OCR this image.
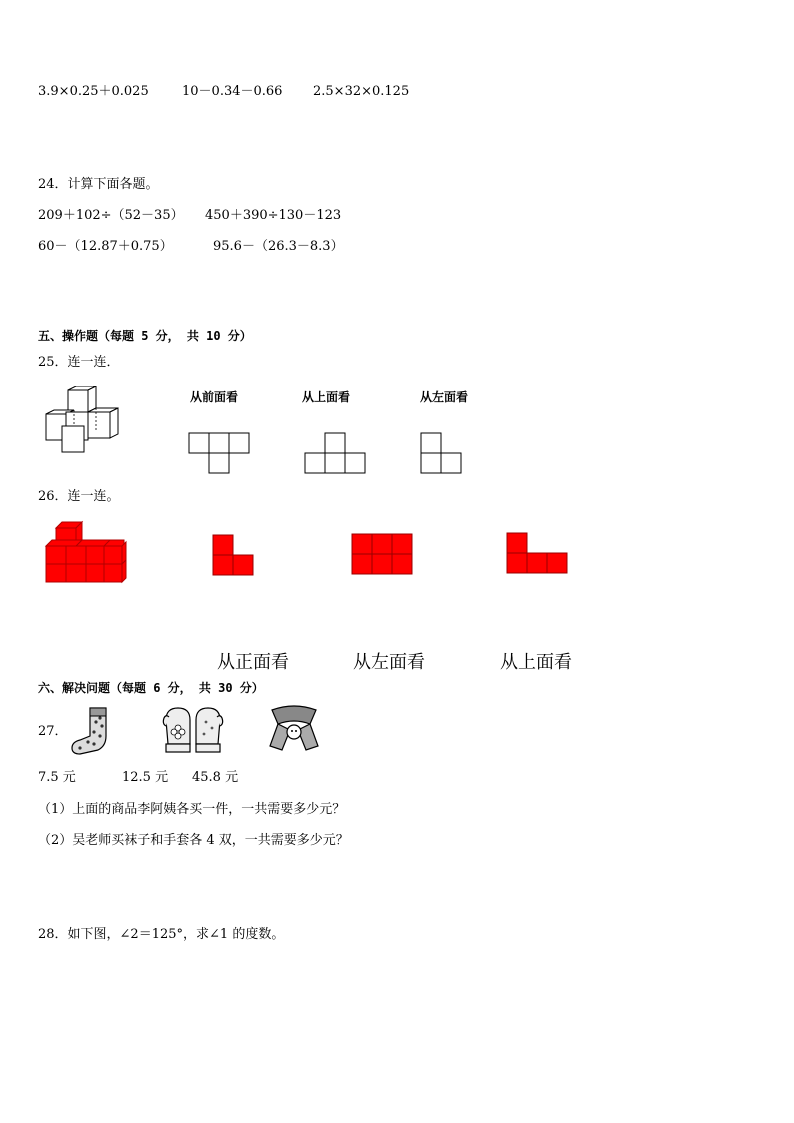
3.9×0.25＋0.025	10－0.34－0.66 2.5×32×0.125
24．计算下面各题。
209＋102÷（52－35） 450＋390÷130－123
60－（12.87＋0.75）	95.6－（26.3－8.3）
五、操作题（每题 5 分， 共 10 分）
25．连一连．
从前面看	从上面看	从左面看
26．连一连。
从正面看	从左面看	从上面看
六、解决问题（每题 6 分， 共 30 分）
27．
7.5 元	12.5 元 45.8 元
（1）上面的商品李阿姨各买一件，一共需要多少元？
（2）吴老师买袜子和手套各 4 双，一共需要多少元？
28．如下图，∠2＝125°，求∠1 的度数。
